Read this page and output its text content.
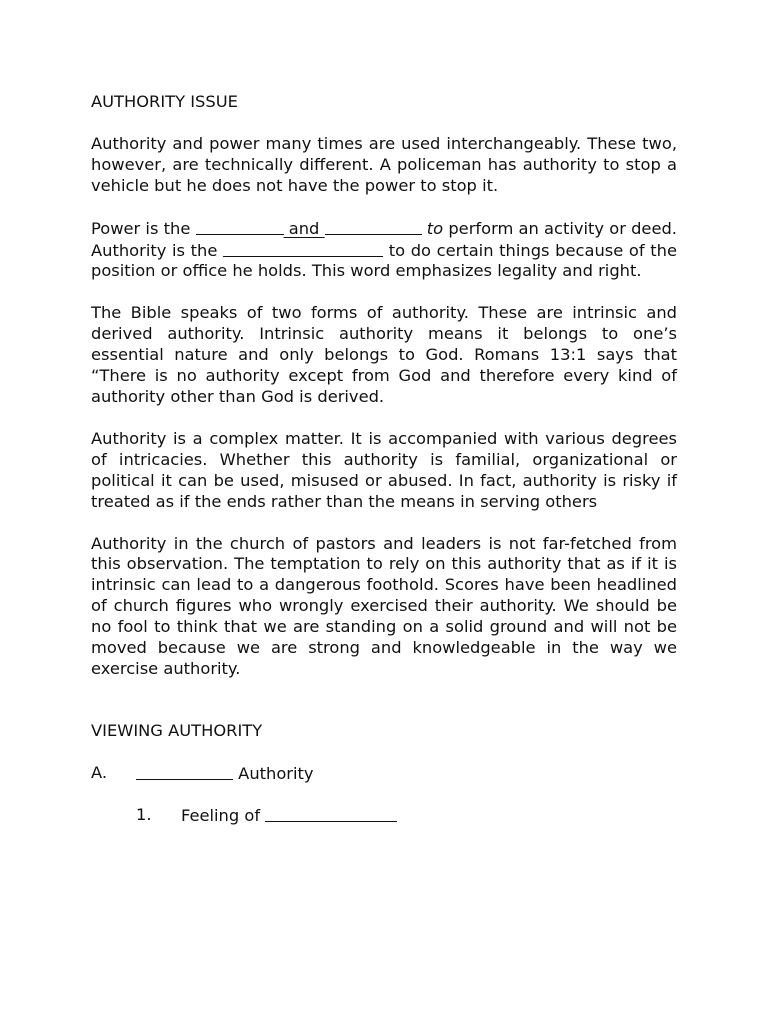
AUTHORITY ISSUE

Authority and power many times are used interchangeably. These two, however, are technically different. A policeman has authority to stop a vehicle but he does not have the power to stop it.

Power is the	and	to perform an activity or deed. Authority is the	to do certain things because of the position or office he holds. This word emphasizes legality and right.

The Bible speaks of two forms of authority. These are intrinsic and derived authority. Intrinsic authority means it belongs to one’s essential nature and only belongs to God. Romans 13:1 says that “There is no authority except from God and therefore every kind of authority other than God is derived.

Authority is a complex matter. It is accompanied with various degrees of intricacies. Whether this authority is familial, organizational or political it can be used, misused or abused. In fact, authority is risky if treated as if the ends rather than the means in serving others

Authority in the church of pastors and leaders is not far-fetched from this observation. The temptation to rely on this authority that as if it is intrinsic can lead to a dangerous foothold. Scores have been headlined of church figures who wrongly exercised their authority. We should be no fool to think that we are standing on a solid ground and will not be moved because we are strong and knowledgeable in the way we exercise authority.

VIEWING AUTHORITY

A.	Authority
1. Feeling of
